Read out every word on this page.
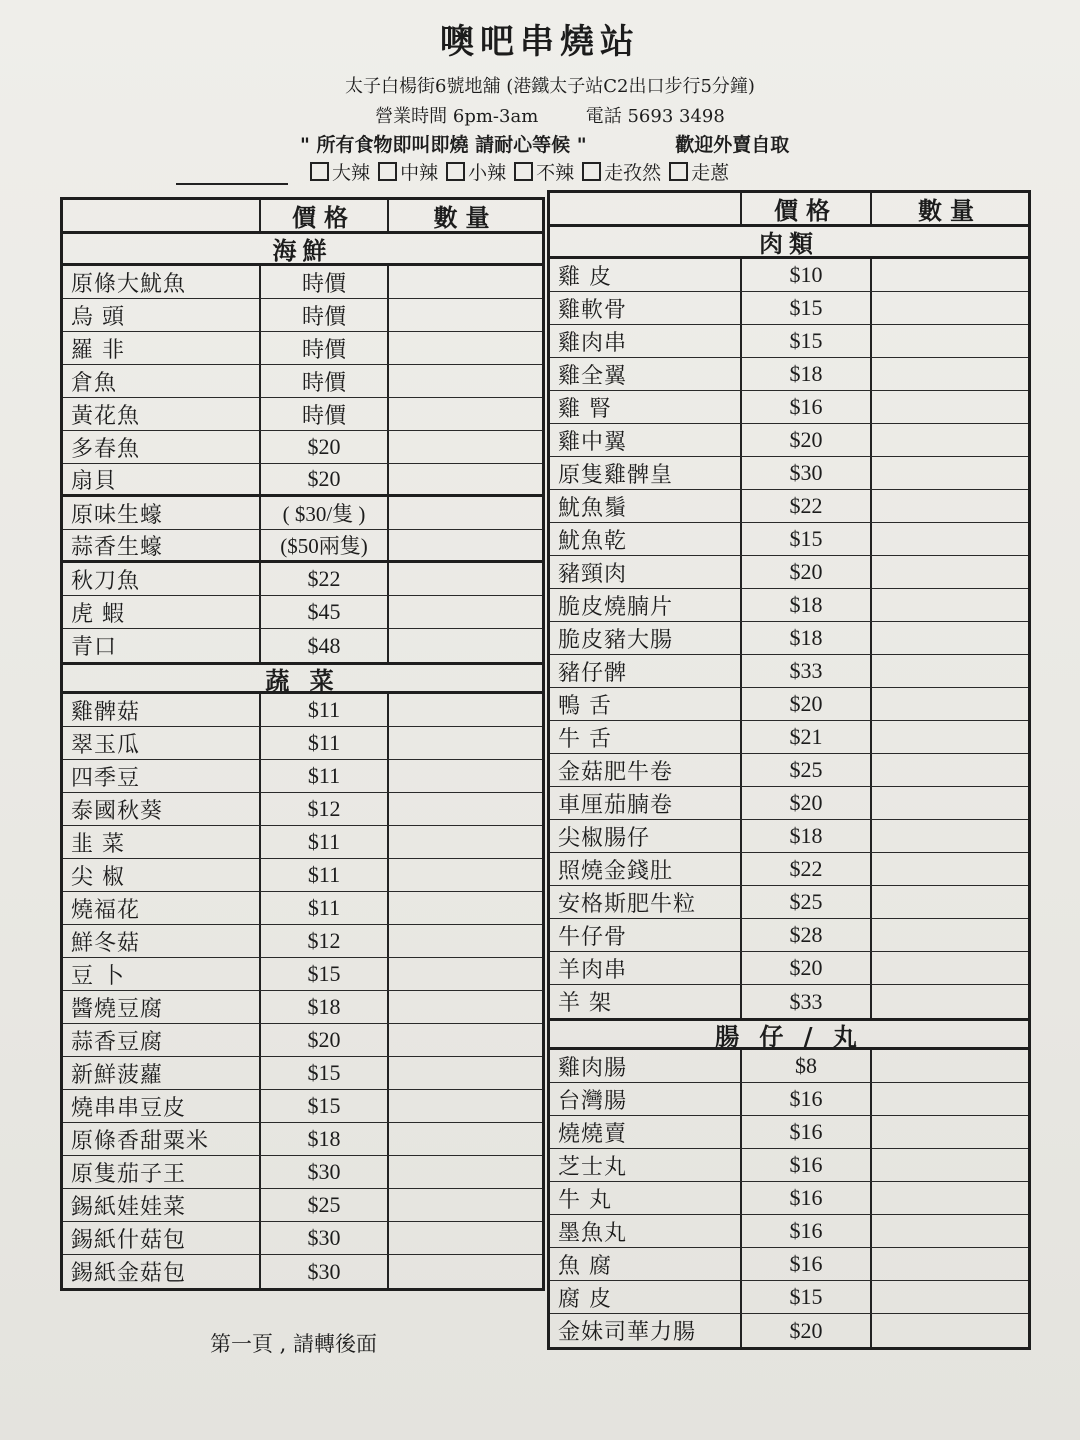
噢吧串燒站
太子白楊街6號地舖 (港鐵太子站C2出口步行5分鐘)
營業時間 6pm-3am	電話 5693 3498
" 所有食物即叫即燒 請耐心等候 "	歡迎外賣自取
大辣 中辣 小辣 不辣 走孜然 走蔥
價格	數量
海鮮
原條大魷魚	時價
烏 頭	時價
羅 非	時價
倉魚	時價
黃花魚	時價
多春魚	$20
扇貝	$20
原味生蠔	( $30/隻 )
蒜香生蠔	($50兩隻)
秋刀魚	$22
虎 蝦	$45
青口	$48
蔬 菜
雞髀菇	$11
翠玉瓜	$11
四季豆	$11
泰國秋葵	$12
韭 菜	$11
尖 椒	$11
燒福花	$11
鮮冬菇	$12
豆 卜	$15
醬燒豆腐	$18
蒜香豆腐	$20
新鮮菠蘿	$15
燒串串豆皮	$15
原條香甜粟米	$18
原隻茄子王	$30
錫紙娃娃菜	$25
錫紙什菇包	$30
錫紙金菇包	$30
價格	數量
肉類
雞 皮	$10
雞軟骨	$15
雞肉串	$15
雞全翼	$18
雞 腎	$16
雞中翼	$20
原隻雞髀皇	$30
魷魚鬚	$22
魷魚乾	$15
豬頸肉	$20
脆皮燒腩片	$18
脆皮豬大腸	$18
豬仔髀	$33
鴨 舌	$20
牛 舌	$21
金菇肥牛卷	$25
車厘茄腩卷	$20
尖椒腸仔	$18
照燒金錢肚	$22
安格斯肥牛粒	$25
牛仔骨	$28
羊肉串	$20
羊 架	$33
腸 仔 / 丸
雞肉腸	$8
台灣腸	$16
燒燒賣	$16
芝士丸	$16
牛 丸	$16
墨魚丸	$16
魚 腐	$16
腐 皮	$15
金妹司華力腸	$20
第一頁 , 請轉後面
